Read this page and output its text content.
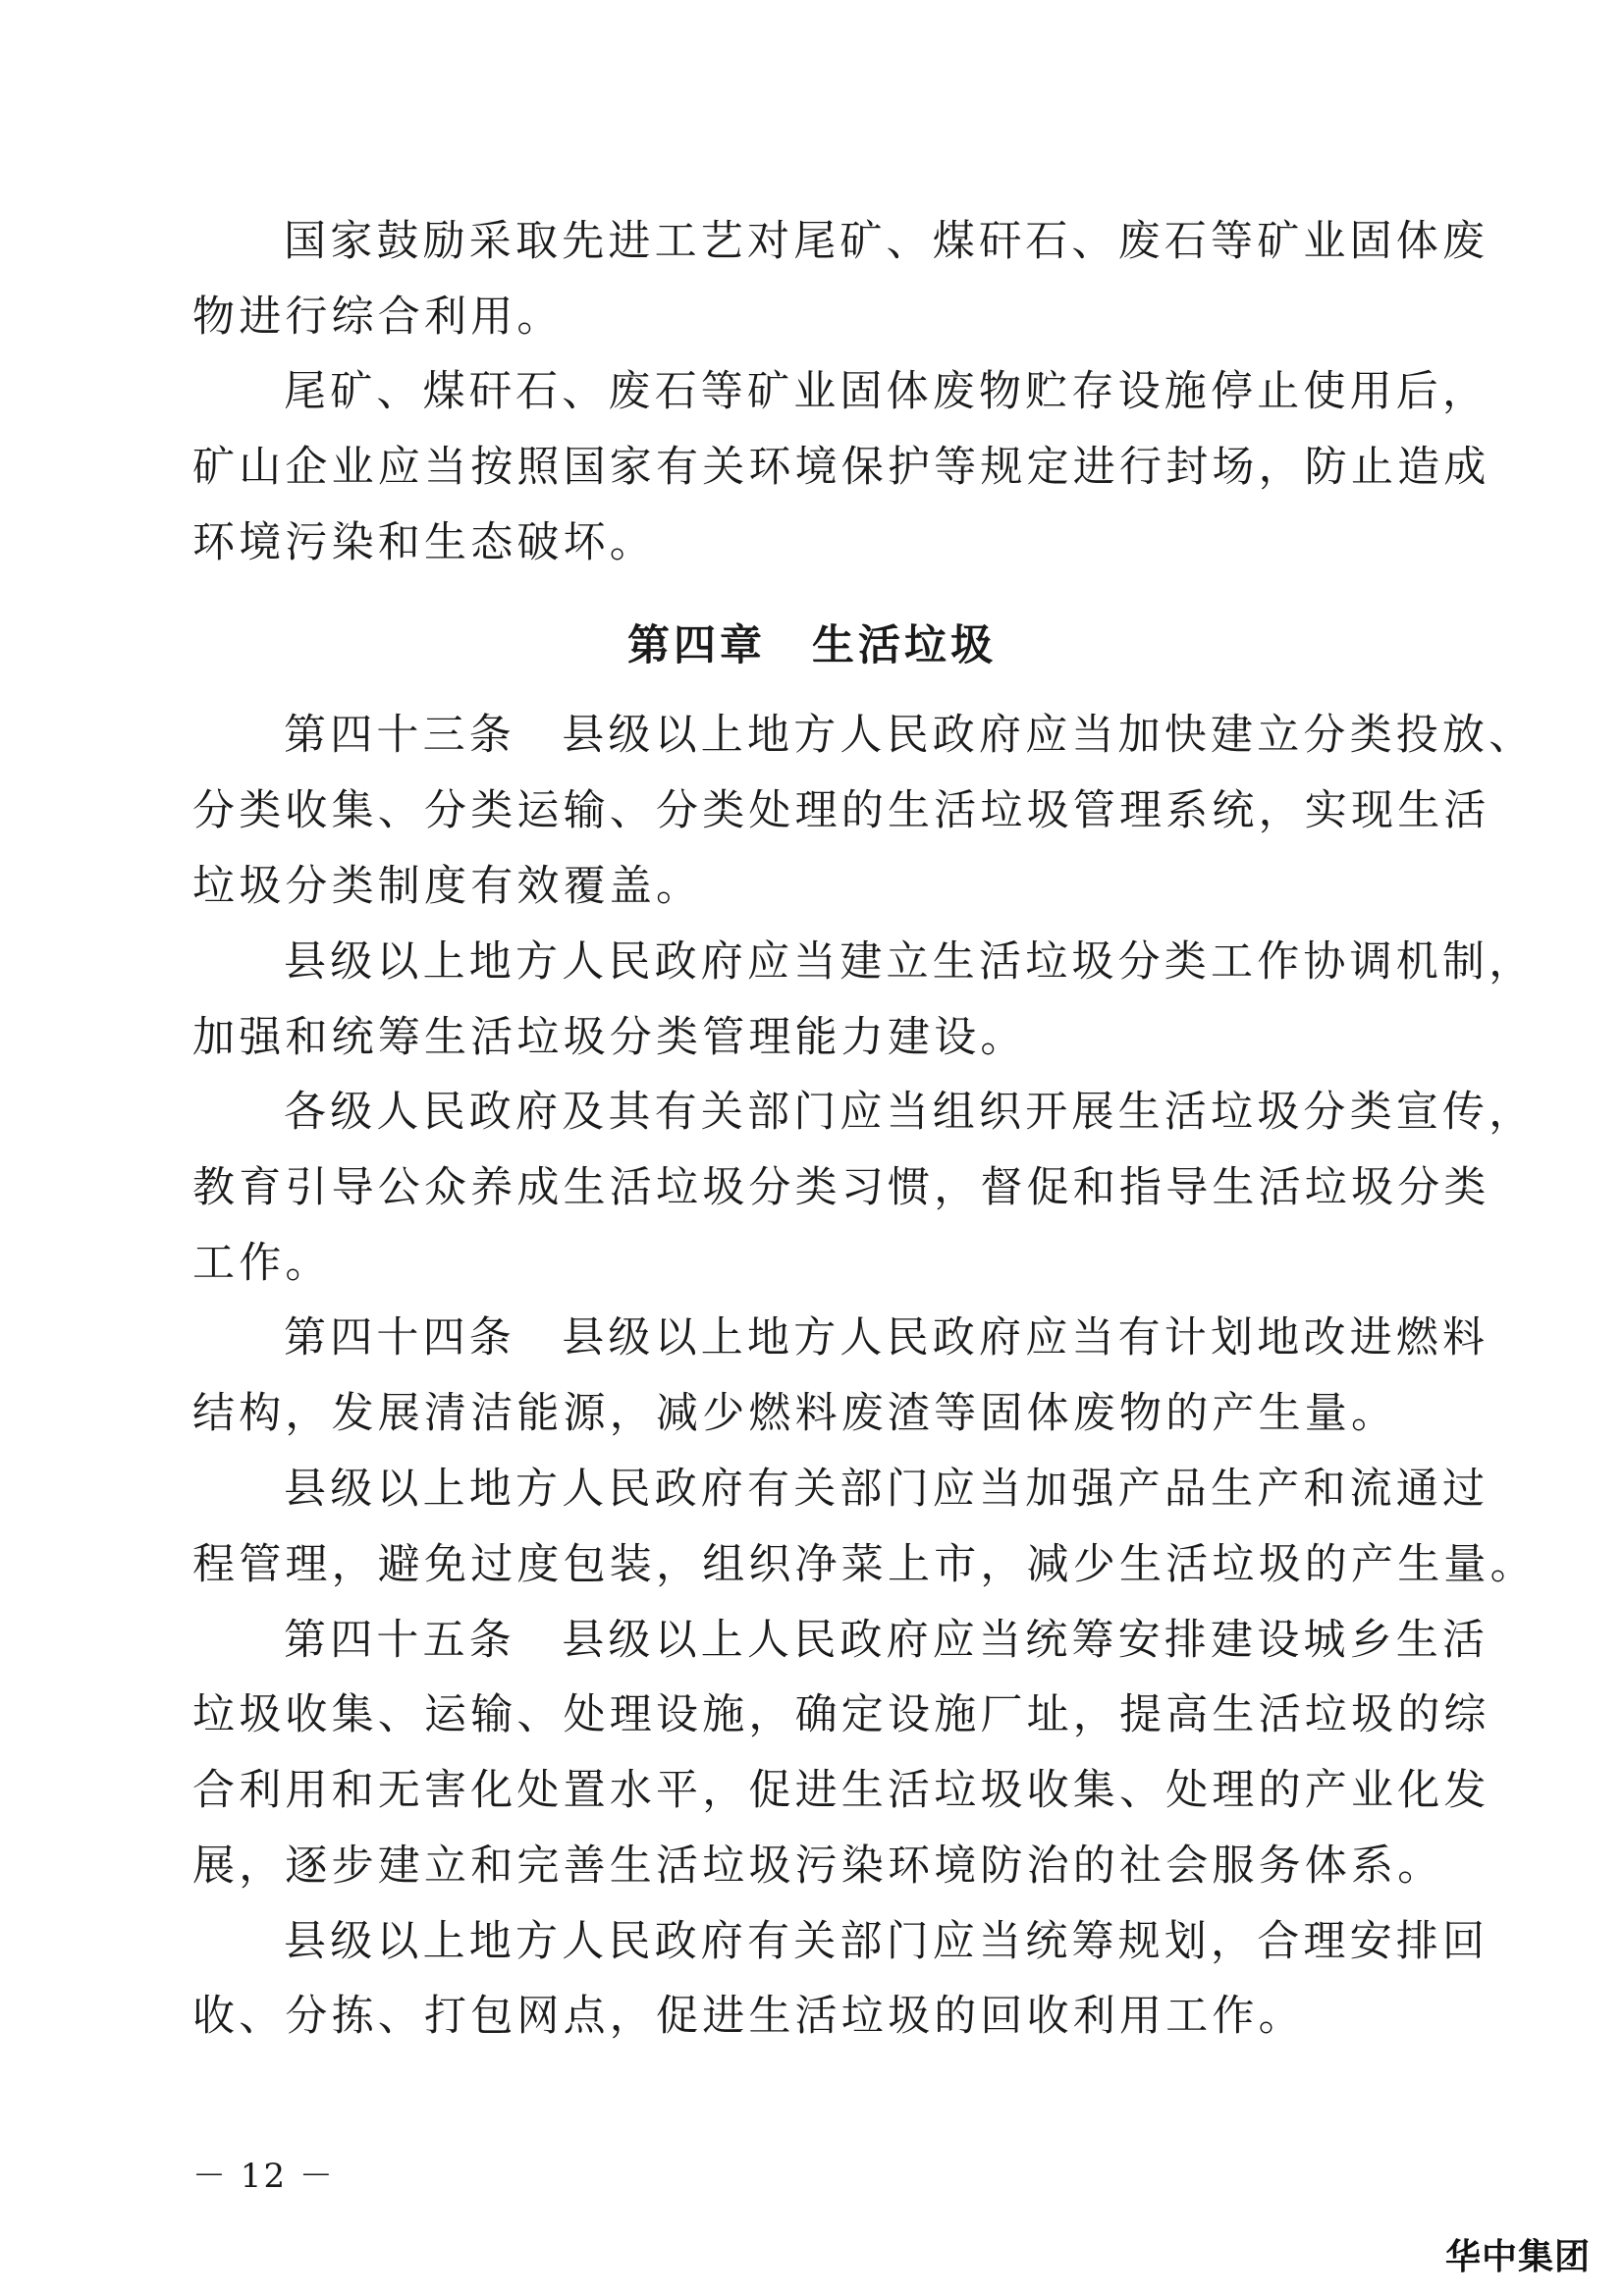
国家鼓励采取先进工艺对尾矿、煤矸石、废石等矿业固体废
物进行综合利用。
尾矿、煤矸石、废石等矿业固体废物贮存设施停止使用后，
矿山企业应当按照国家有关环境保护等规定进行封场，防止造成
环境污染和生态破坏。
第四章　生活垃圾
第四十三条　县级以上地方人民政府应当加快建立分类投放、
分类收集、分类运输、分类处理的生活垃圾管理系统，实现生活
垃圾分类制度有效覆盖。
县级以上地方人民政府应当建立生活垃圾分类工作协调机制，
加强和统筹生活垃圾分类管理能力建设。
各级人民政府及其有关部门应当组织开展生活垃圾分类宣传，
教育引导公众养成生活垃圾分类习惯，督促和指导生活垃圾分类
工作。
第四十四条　县级以上地方人民政府应当有计划地改进燃料
结构，发展清洁能源，减少燃料废渣等固体废物的产生量。
县级以上地方人民政府有关部门应当加强产品生产和流通过
程管理，避免过度包装，组织净菜上市，减少生活垃圾的产生量。
第四十五条　县级以上人民政府应当统筹安排建设城乡生活
垃圾收集、运输、处理设施，确定设施厂址，提高生活垃圾的综
合利用和无害化处置水平，促进生活垃圾收集、处理的产业化发
展，逐步建立和完善生活垃圾污染环境防治的社会服务体系。
县级以上地方人民政府有关部门应当统筹规划，合理安排回
收、分拣、打包网点，促进生活垃圾的回收利用工作。
－ 12 －
华中集团
